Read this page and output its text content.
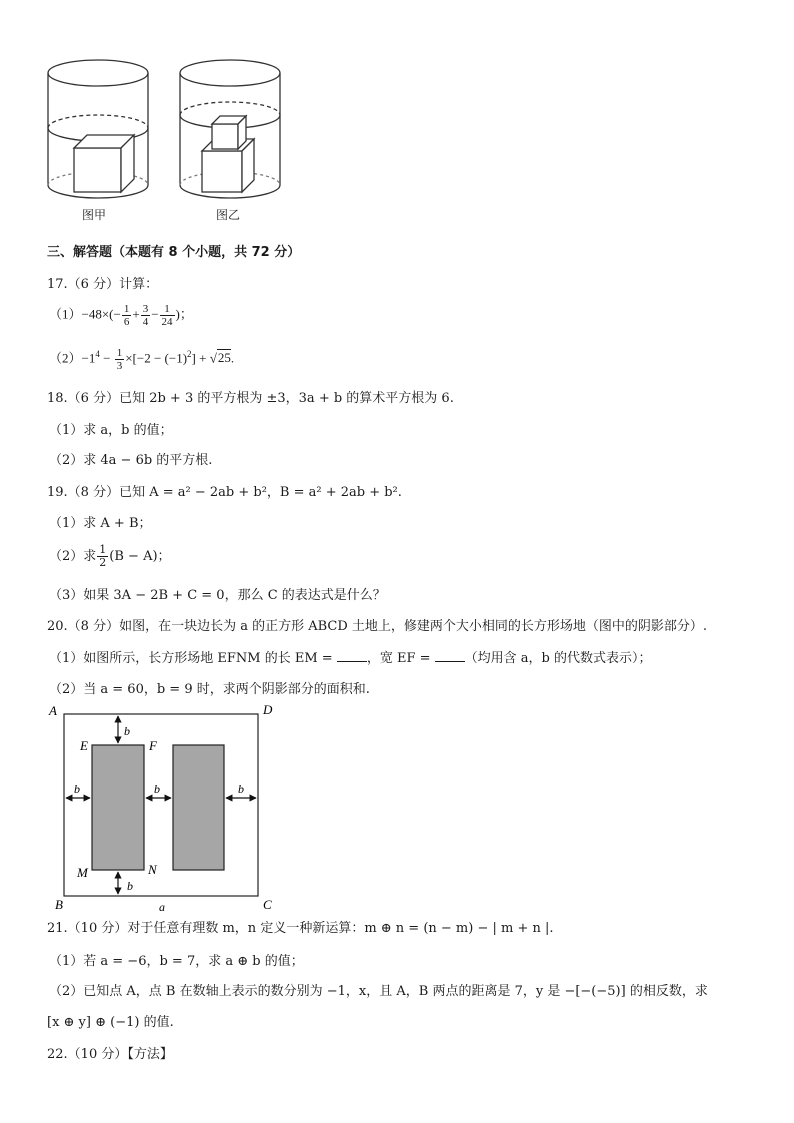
图甲	图乙
三、解答题（本题有 8 个小题，共 72 分）
17.（6 分）计算：
$(1)-48\times(- \frac{1}{6} + \frac{3}{4} - \frac{1}{24}$ )；
$(2)-1^4 - \frac{1}{3} \times[-2 - (-1)^2] + √25$.
18.（6 分）已知 2b + 3 的平方根为 ±3，3a + b 的算术平方根为 6.
（1）求 a，b 的值；
（2）求 4a − 6b 的平方根.
19.（8 分）已知 A = a² − 2ab + b²，B = a² + 2ab + b².
（1）求 A + B；
（2）求 $\frac{1}{2} (B - A)$；
（3）如果 3A − 2B + C = 0，那么 C 的表达式是什么？
20.（8 分）如图，在一块边长为 a 的正方形 ABCD 土地上，修建两个大小相同的长方形场地（图中的阴影部分）.
（1）如图所示，长方形场地 EFNM 的长 EM = ，宽 EF = （均用含 a，b 的代数式表示）；
（2）当 a = 60，b = 9 时，求两个阴影部分的面积和.
A	D
B	C
E	F
M	N
b
b
b	b	b
a
21.（10 分）对于任意有理数 m，n 定义一种新运算：m ⊕ n = (n − m) − | m + n |.
（1）若 a = −6，b = 7，求 a ⊕ b 的值；
（2）已知点 A，点 B 在数轴上表示的数分别为 −1，x，且 A，B 两点的距离是 7，y 是 −[−(−5)] 的相反数，求
[x ⊕ y] ⊕ (−1) 的值.
22.（10 分）【方法】
